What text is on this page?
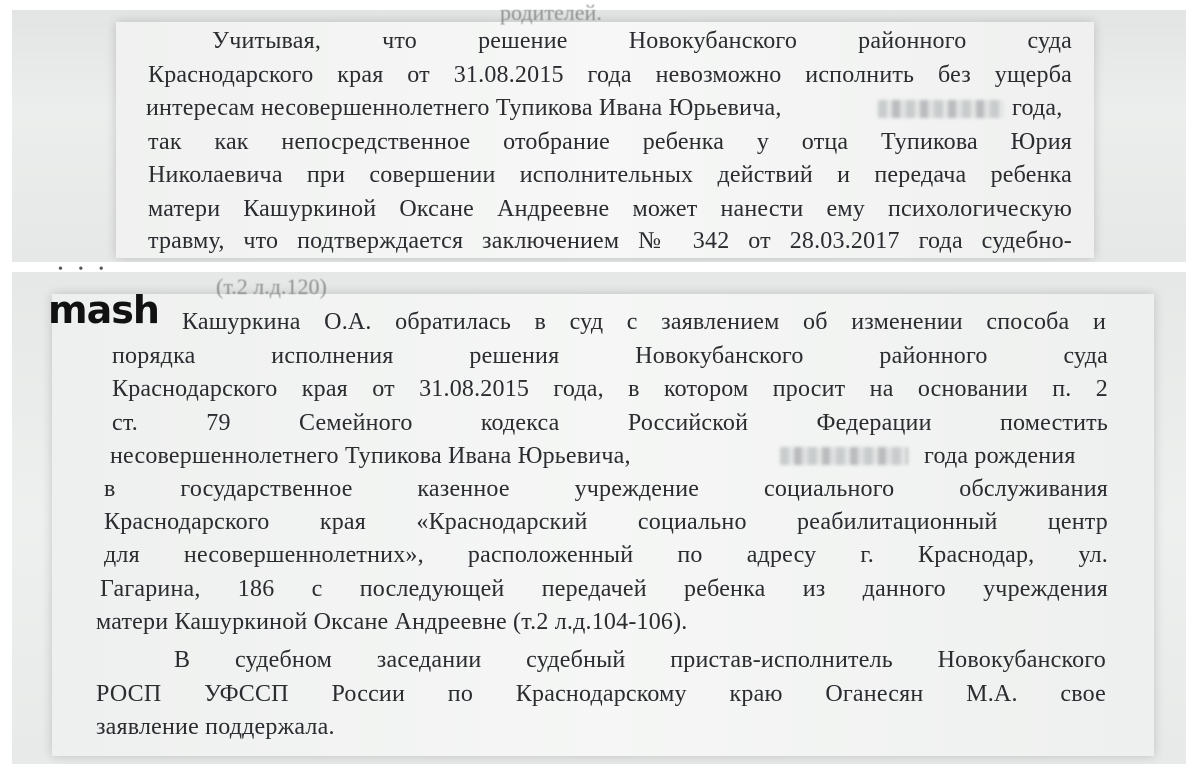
родителей.
Учитывая, что решение Новокубанского районного суда
Краснодарского края от 31.08.2015 года невозможно исполнить без ущерба
интересам несовершеннолетнего Тупикова Ивана Юрьевича,	года,
так как непосредственное отобрание ребенка у отца Тупикова Юрия
Николаевича при совершении исполнительных действий и передача ребенка
матери Кашуркиной Оксане Андреевне может нанести ему психологическую
травму, что подтверждается заключением № 342 от 28.03.2017 года судебно-
• • •
(т.2 л.д.120)
mash Кашуркина О.А. обратилась в суд с заявлением об изменении способа и
порядка исполнения решения Новокубанского районного суда
Краснодарского края от 31.08.2015 года, в котором просит на основании п. 2
ст. 79 Семейного кодекса Российской Федерации поместить
несовершеннолетнего Тупикова Ивана Юрьевича,	года рождения
в государственное казенное учреждение социального обслуживания
Краснодарского края «Краснодарский социально реабилитационный центр
для несовершеннолетних», расположенный по адресу г. Краснодар, ул.
Гагарина, 186 с последующей передачей ребенка из данного учреждения
матери Кашуркиной Оксане Андреевне (т.2 л.д.104-106).
В судебном заседании судебный пристав-исполнитель Новокубанского
РОСП УФССП России по Краснодарскому краю Оганесян М.А. свое
заявление поддержала.
